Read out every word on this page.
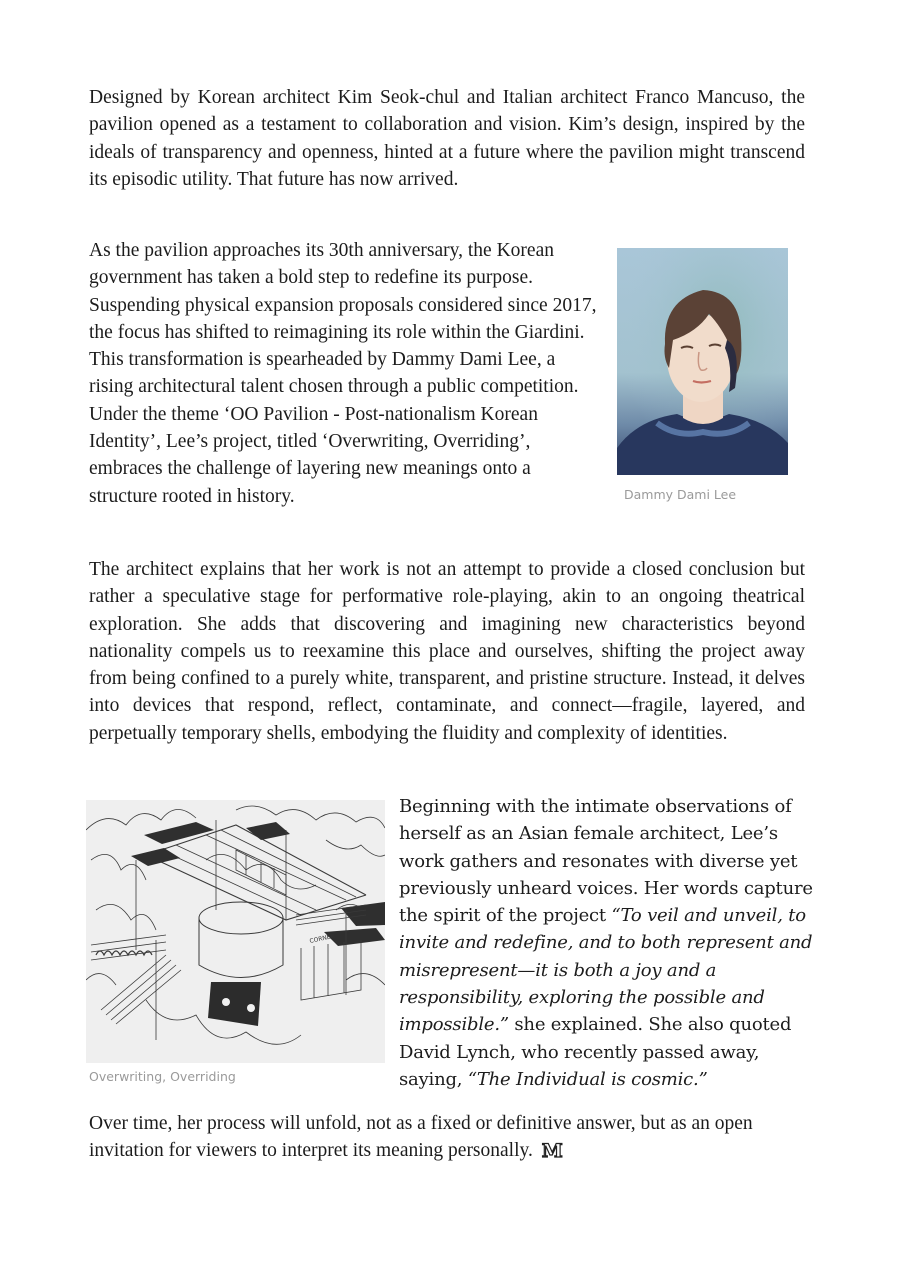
Designed by Korean architect Kim Seok-chul and Italian architect Franco Mancuso, the pavilion opened as a testament to collaboration and vision. Kim’s design, inspired by the ideals of transparency and openness, hinted at a future where the pavilion might transcend its episodic utility. That future has now arrived.

As the pavilion approaches its 30th anniversary, the Korean government has taken a bold step to redefine its purpose. Suspending physical expansion proposals considered since 2017, the focus has shifted to reimagining its role within the Giardini. This transformation is spearheaded by Dammy Dami Lee, a rising architectural talent chosen through a public competition. Under the theme ‘OO Pavilion - Post-nationalism Korean Identity’, Lee’s project, titled ‘Overwriting, Overriding’, embraces the challenge of layering new meanings onto a structure rooted in history.	Dammy Dami Lee

The architect explains that her work is not an attempt to provide a closed conclusion but rather a speculative stage for performative role-playing, akin to an ongoing theatrical exploration. She adds that discovering and imagining new characteristics beyond nationality compels us to reexamine this place and ourselves, shifting the project away from being confined to a purely white, transparent, and pristine structure. Instead, it delves into devices that respond, reflect, contaminate, and connect—fragile, layered, and perpetually temporary shells, embodying the fluidity and complexity of identities.

CORNER
Overwriting, Overriding

Beginning with the intimate observations of herself as an Asian female architect, Lee’s work gathers and resonates with diverse yet previously unheard voices. Her words capture the spirit of the project “To veil and unveil, to invite and redefine, and to both represent and misrepresent—it is both a joy and a responsibility, exploring the possible and impossible.” she explained. She also quoted David Lynch, who recently passed away, saying, “The Individual is cosmic.”

Over time, her process will unfold, not as a fixed or definitive answer, but as an open invitation for viewers to interpret its meaning personally. M
